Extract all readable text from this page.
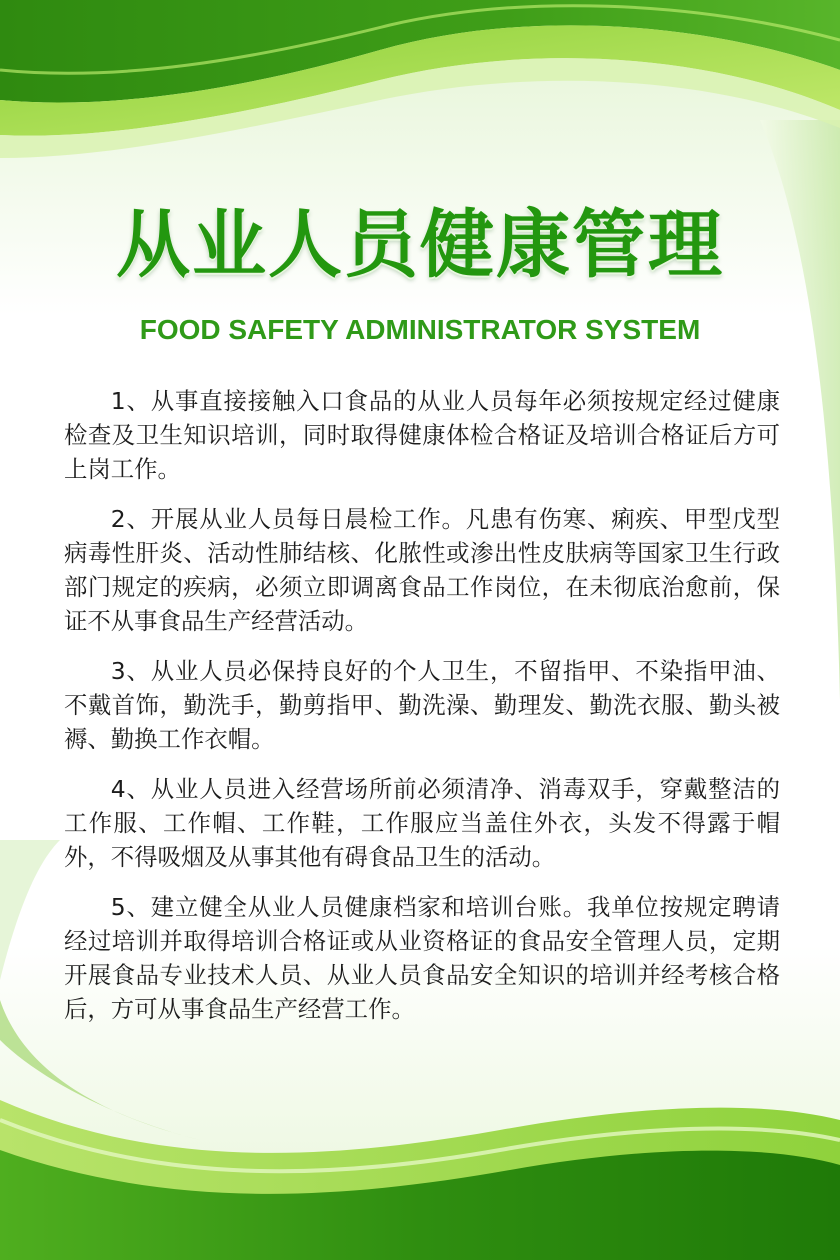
从业人员健康管理
FOOD SAFETY ADMINISTRATOR SYSTEM

1、从事直接接触入口食品的从业人员每年必须按规定经过健康检查及卫生知识培训，同时取得健康体检合格证及培训合格证后方可上岗工作。

2、开展从业人员每日晨检工作。凡患有伤寒、痢疾、甲型戊型病毒性肝炎、活动性肺结核、化脓性或渗出性皮肤病等国家卫生行政部门规定的疾病，必须立即调离食品工作岗位，在未彻底治愈前，保证不从事食品生产经营活动。

3、从业人员必保持良好的个人卫生，不留指甲、不染指甲油、不戴首饰，勤洗手，勤剪指甲、勤洗澡、勤理发、勤洗衣服、勤头被褥、勤换工作衣帽。

4、从业人员进入经营场所前必须清净、消毒双手，穿戴整洁的工作服、工作帽、工作鞋，工作服应当盖住外衣，头发不得露于帽外，不得吸烟及从事其他有碍食品卫生的活动。

5、建立健全从业人员健康档家和培训台账。我单位按规定聘请经过培训并取得培训合格证或从业资格证的食品安全管理人员，定期开展食品专业技术人员、从业人员食品安全知识的培训并经考核合格后，方可从事食品生产经营工作。
